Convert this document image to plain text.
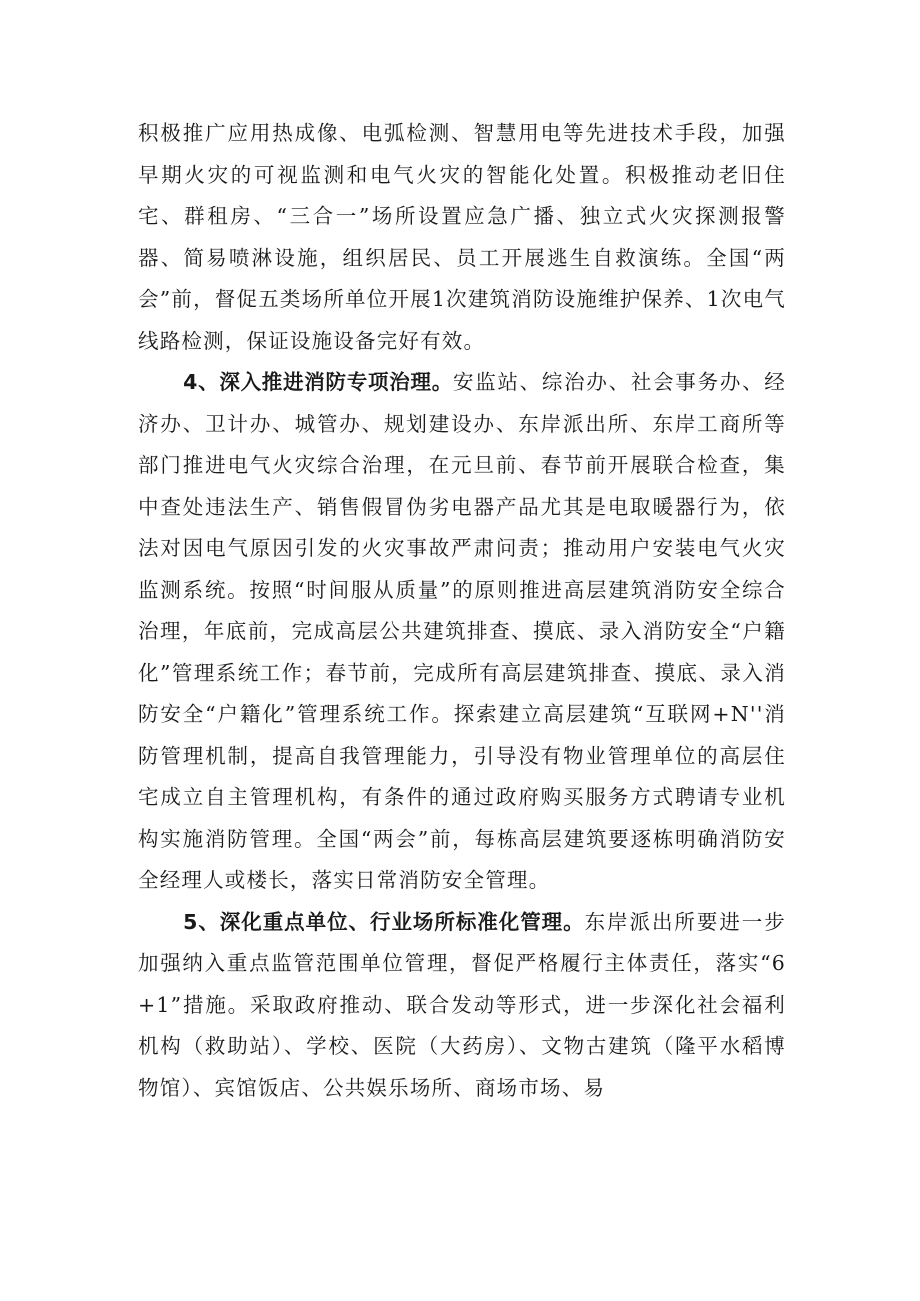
积极推广应用热成像、电弧检测、智慧用电等先进技术手段，加强早期火灾的可视监测和电气火灾的智能化处置。积极推动老旧住宅、群租房、“三合一”场所设置应急广播、独立式火灾探测报警器、简易喷淋设施，组织居民、员工开展逃生自救演练。全国“两会”前，督促五类场所单位开展1次建筑消防设施维护保养、1次电气线路检测，保证设施设备完好有效。

4、深入推进消防专项治理。安监站、综治办、社会事务办、经济办、卫计办、城管办、规划建设办、东岸派出所、东岸工商所等部门推进电气火灾综合治理，在元旦前、春节前开展联合检查，集中查处违法生产、销售假冒伪劣电器产品尤其是电取暖器行为，依法对因电气原因引发的火灾事故严肃问责；推动用户安装电气火灾监测系统。按照“时间服从质量”的原则推进高层建筑消防安全综合治理，年底前，完成高层公共建筑排查、摸底、录入消防安全“户籍化”管理系统工作；春节前，完成所有高层建筑排查、摸底、录入消防安全“户籍化”管理系统工作。探索建立高层建筑“互联网+N''消防管理机制，提高自我管理能力，引导没有物业管理单位的高层住宅成立自主管理机构，有条件的通过政府购买服务方式聘请专业机构实施消防管理。全国“两会”前，每栋高层建筑要逐栋明确消防安全经理人或楼长，落实日常消防安全管理。

5、深化重点单位、行业场所标准化管理。东岸派出所要进一步加强纳入重点监管范围单位管理，督促严格履行主体责任，落实“6+1”措施。采取政府推动、联合发动等形式，进一步深化社会福利机构（救助站）、学校、医院（大药房）、文物古建筑（隆平水稻博物馆）、宾馆饭店、公共娱乐场所、商场市场、易
